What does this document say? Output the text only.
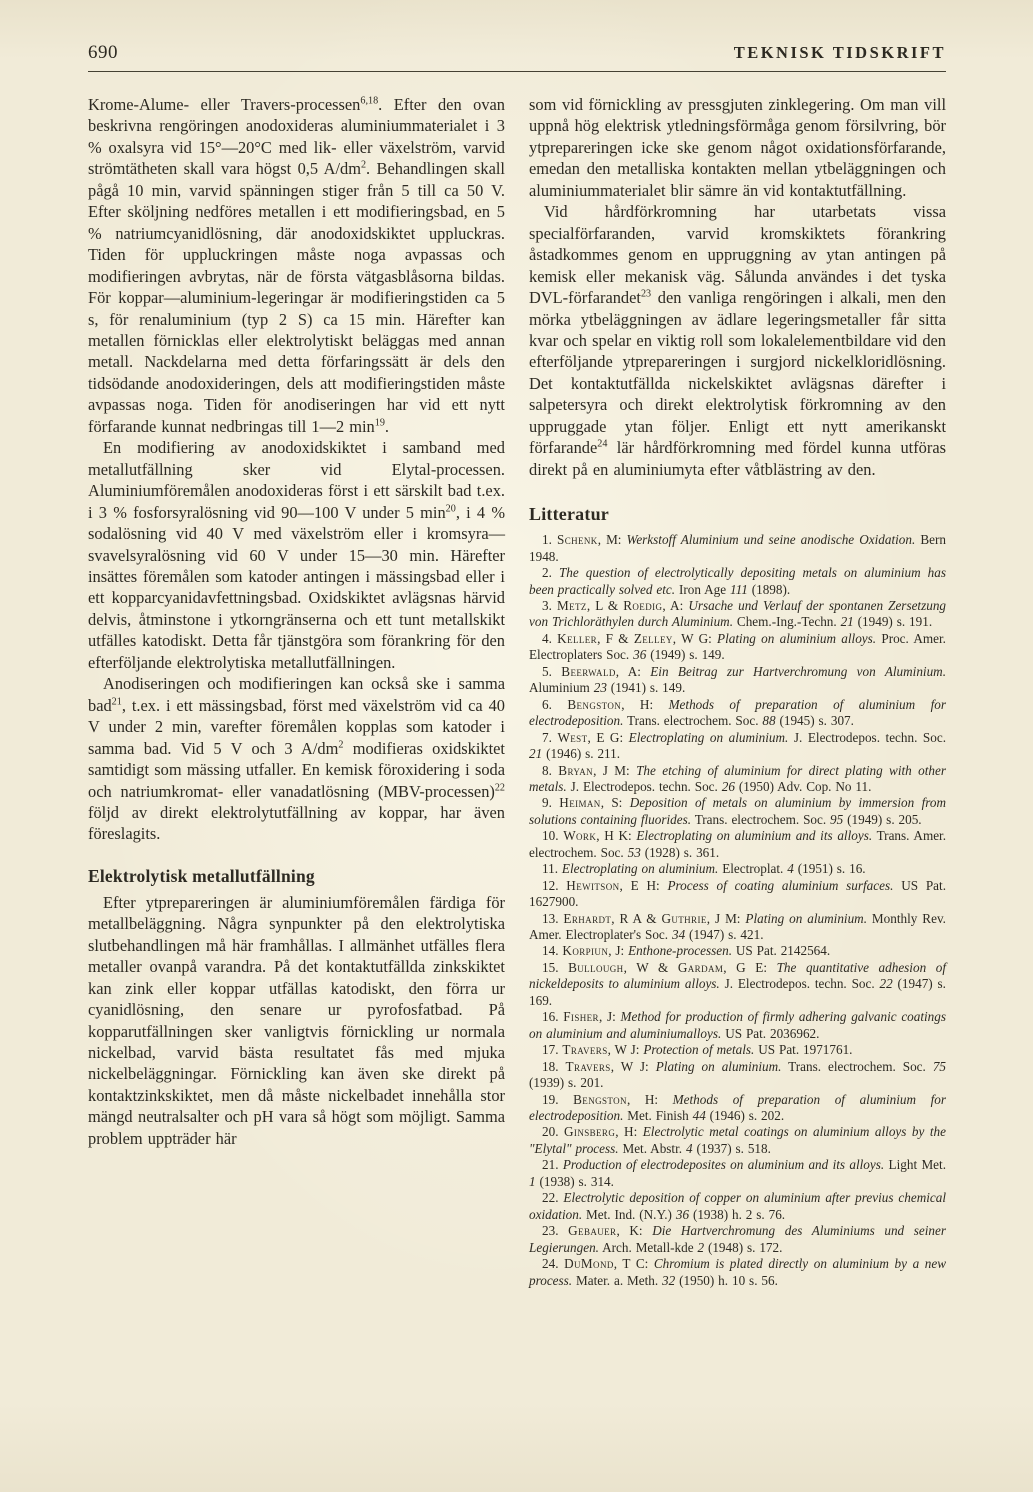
690	TEKNISK TIDSKRIFT

Krome-Alume- eller Travers-processen$^{6,18}$. Efter den ovan beskrivna rengöringen anodoxideras aluminiummaterialet i 3 % oxalsyra vid 15°—20°C med lik- eller växelström, varvid strömtätheten skall vara högst 0,5 $A/dm^2$. Behandlingen skall pågå 10 min, varvid spänningen stiger från 5 till ca 50 V. Efter sköljning nedföres metallen i ett modifieringsbad, en 5 % natriumcyanidlösning, där anodoxidskiktet uppluckras. Tiden för uppluckringen måste noga avpassas och modifieringen avbrytas, när de första vätgasblåsorna bildas. För koppar—aluminium-legeringar är modifieringstiden ca 5 s, för renaluminium (typ 2 S) ca 15 min. Härefter kan metallen förnicklas eller elektrolytiskt beläggas med annan metall. Nackdelarna med detta förfaringssätt är dels den tidsödande anodoxideringen, dels att modifieringstiden måste avpassas noga. Tiden för anodiseringen har vid ett nytt förfarande kunnat nedbringas till 1—2 $\min^{19}$.

En modifiering av anodoxidskiktet i samband med metallutfällning sker vid Elytal-processen. Aluminiumföremålen anodoxideras först i ett särskilt bad t.ex. i 3 % fosforsyralösning vid 90—100 V under 5 $\min^{20}$, i 4 % sodalösning vid 40 V med växelström eller i kromsyra—svavelsyralösning vid 60 V under 15—30 min. Härefter insättes föremålen som katoder antingen i mässingsbad eller i ett kopparcyanidavfettningsbad. Oxidskiktet avlägsnas härvid delvis, åtminstone i ytkorngränserna och ett tunt metallskikt utfälles katodiskt. Detta får tjänstgöra som förankring för den efterföljande elektrolytiska metallutfällningen.

Anodiseringen och modifieringen kan också ske i samma bad$^{21}$, t.ex. i ett mässingsbad, först med växelström vid ca 40 V under 2 min, varefter föremålen kopplas som katoder i samma bad. Vid 5 V och 3 $A/dm^2$ modifieras oxidskiktet samtidigt som mässing utfaller. En kemisk föroxidering i soda och natriumkromat- eller vanadatlösning (MBV-processen)$^{22}$ följd av direkt elektrolytutfällning av koppar, har även föreslagits.

Elektrolytisk metallutfällning

Efter ytprepareringen är aluminiumföremålen färdiga för metallbeläggning. Några synpunkter på den elektrolytiska slutbehandlingen må här framhållas. I allmänhet utfälles flera metaller ovanpå varandra. På det kontaktutfällda zinkskiktet kan zink eller koppar utfällas katodiskt, den förra ur cyanidlösning, den senare ur pyrofosfatbad. På kopparutfällningen sker vanligtvis förnickling ur normala nickelbad, varvid bästa resultatet fås med mjuka nickelbeläggningar. Förnickling kan även ske direkt på kontaktzinkskiktet, men då måste nickelbadet innehålla stor mängd neutralsalter och pH vara så högt som möjligt. Samma problem uppträder här

som vid förnickling av pressgjuten zinklegering. Om man vill uppnå hög elektrisk ytledningsförmåga genom försilvring, bör ytprepareringen icke ske genom något oxidationsförfarande, emedan den metalliska kontakten mellan ytbeläggningen och aluminiummaterialet blir sämre än vid kontaktutfällning.

Vid hårdförkromning har utarbetats vissa specialförfaranden, varvid kromskiktets förankring åstadkommes genom en uppruggning av ytan antingen på kemisk eller mekanisk väg. Sålunda användes i det tyska DVL-förfarandet$^{23}$ den vanliga rengöringen i alkali, men den mörka ytbeläggningen av ädlare legeringsmetaller får sitta kvar och spelar en viktig roll som lokalelementbildare vid den efterföljande ytprepareringen i surgjord nickelkloridlösning. Det kontaktutfällda nickelskiktet avlägsnas därefter i salpetersyra och direkt elektrolytisk förkromning av den uppruggade ytan följer. Enligt ett nytt amerikanskt förfarande$^{24}$ lär hårdförkromning med fördel kunna utföras direkt på en aluminiumyta efter våtblästring av den.

Litteratur

1. Schenk, M: Werkstoff Aluminium und seine anodische Oxidation. Bern 1948.

2. The question of electrolytically depositing metals on aluminium has been practically solved etc. Iron Age 111 (1898).

3. Metz, L & Roedig, A: Ursache und Verlauf der spontanen Zersetzung von Trichloräthylen durch Aluminium. Chem.-Ing.-Techn. 21 (1949) s. 191.

4. Keller, F & Zelley, W G: Plating on aluminium alloys. Proc. Amer. Electroplaters Soc. 36 (1949) s. 149.

5. Beerwald, A: Ein Beitrag zur Hartverchromung von Aluminium. Aluminium 23 (1941) s. 149.

6. Bengston, H: Methods of preparation of aluminium for electrodeposition. Trans. electrochem. Soc. 88 (1945) s. 307.

7. West, E G: Electroplating on aluminium. J. Electrodepos. techn. Soc. 21 (1946) s. 211.

8. Bryan, J M: The etching of aluminium for direct plating with other metals. J. Electrodepos. techn. Soc. 26 (1950) Adv. Cop. No 11.

9. Heiman, S: Deposition of metals on aluminium by immersion from solutions containing fluorides. Trans. electrochem. Soc. 95 (1949) s. 205.

10. Work, H K: Electroplating on aluminium and its alloys. Trans. Amer. electrochem. Soc. 53 (1928) s. 361.

11. Electroplating on aluminium. Electroplat. 4 (1951) s. 16.

12. Hewitson, E H: Process of coating aluminium surfaces. US Pat. 1627900.

13. Erhardt, R A & Guthrie, J M: Plating on aluminium. Monthly Rev. Amer. Electroplater's Soc. 34 (1947) s. 421.

14. Korpiun, J: Enthone-processen. US Pat. 2142564.

15. Bullough, W & Gardam, G E: The quantitative adhesion of nickeldeposits to aluminium alloys. J. Electrodepos. techn. Soc. 22 (1947) s. 169.

16. Fisher, J: Method for production of firmly adhering galvanic coatings on aluminium and aluminiumalloys. US Pat. 2036962.

17. Travers, W J: Protection of metals. US Pat. 1971761.

18. Travers, W J: Plating on aluminium. Trans. electrochem. Soc. 75 (1939) s. 201.

19. Bengston, H: Methods of preparation of aluminium for electrodeposition. Met. Finish 44 (1946) s. 202.

20. Ginsberg, H: Electrolytic metal coatings on aluminium alloys by the "Elytal" process. Met. Abstr. 4 (1937) s. 518.

21. Production of electrodeposites on aluminium and its alloys. Light Met. 1 (1938) s. 314.

22. Electrolytic deposition of copper on aluminium after previus chemical oxidation. Met. Ind. (N.Y.) 36 (1938) h. 2 s. 76.

23. Gebauer, K: Die Hartverchromung des Aluminiums und seiner Legierungen. Arch. Metall-kde 2 (1948) s. 172.

24. DuMond, T C: Chromium is plated directly on aluminium by a new process. Mater. a. Meth. 32 (1950) h. 10 s. 56.
